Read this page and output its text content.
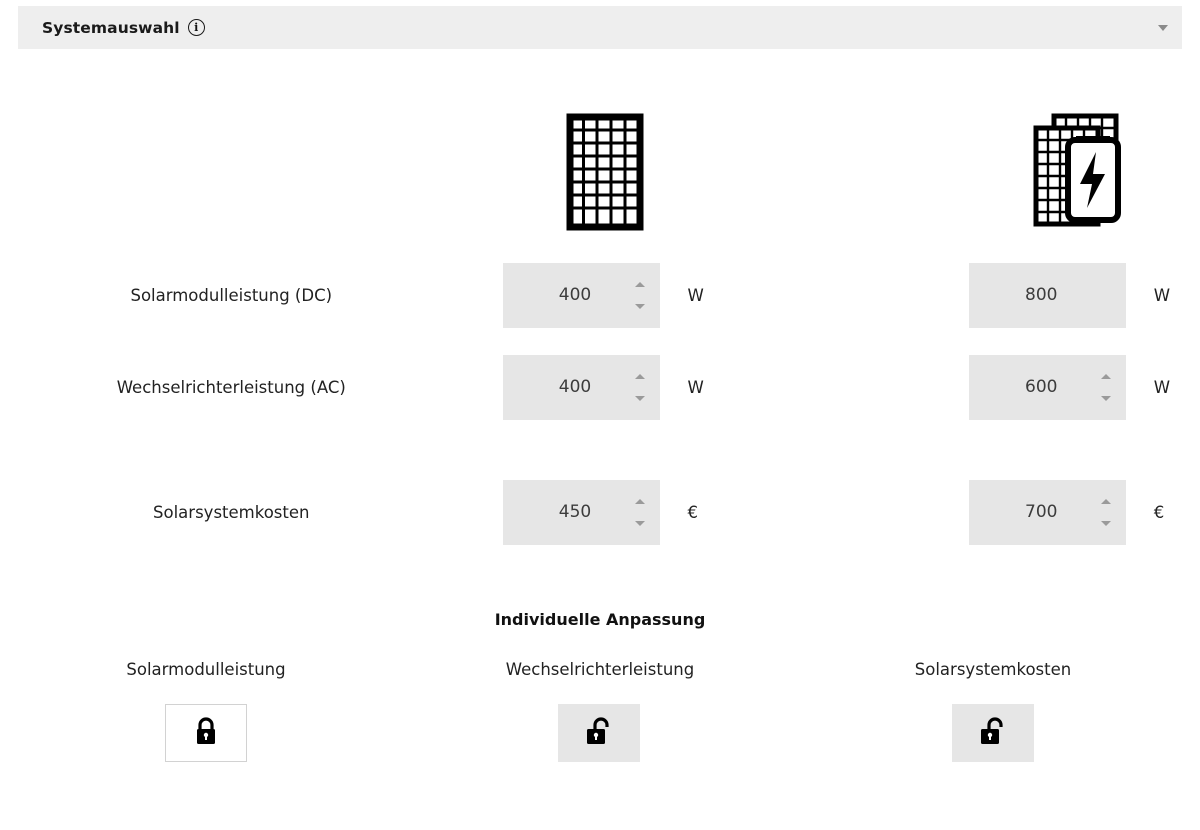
Systemauswahl	i
Solarmodulleistung (DC)	400	W	800	W
Wechselrichterleistung (AC)	400	W	600	W
Solarsystemkosten	450	€	700	€
Individuelle Anpassung
Solarmodulleistung	Wechselrichterleistung	Solarsystemkosten
